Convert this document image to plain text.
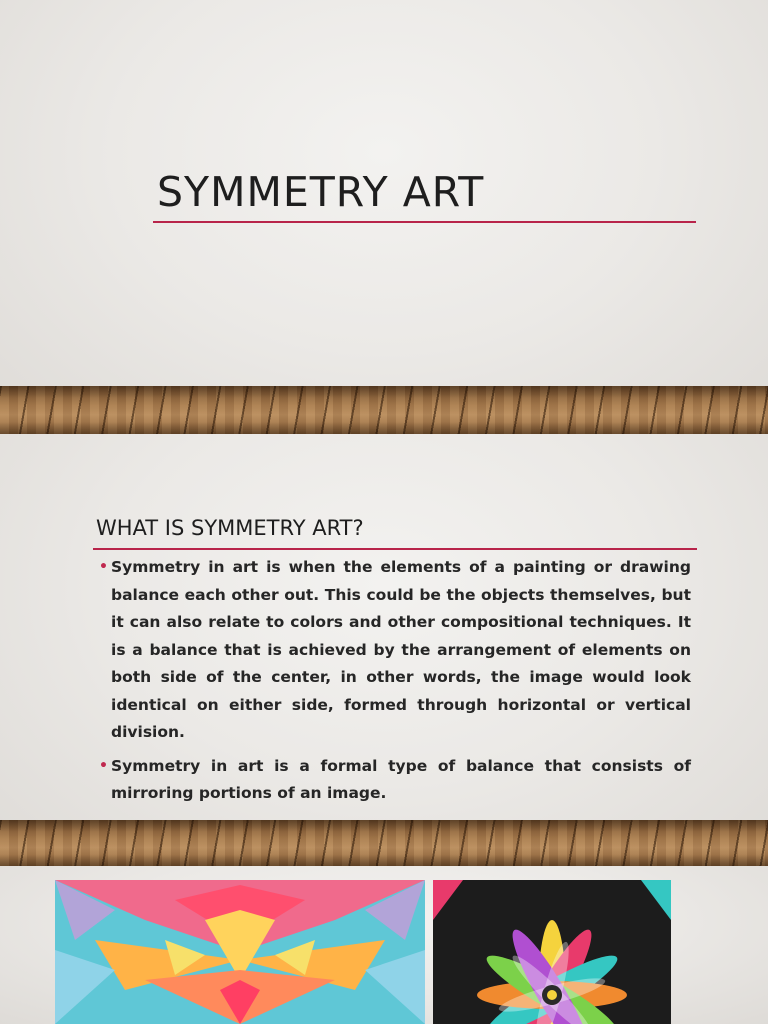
SYMMETRY ART
WHAT IS SYMMETRY ART?
• Symmetry in art is when the elements of a painting or drawing balance each other out. This could be the objects themselves, but it can also relate to colors and other compositional techniques. It is a balance that is achieved by the arrangement of elements on both side of the center, in other words, the image would look identical on either side, formed through horizontal or vertical division.
• Symmetry in art is a formal type of balance that consists of mirroring portions of an image.
